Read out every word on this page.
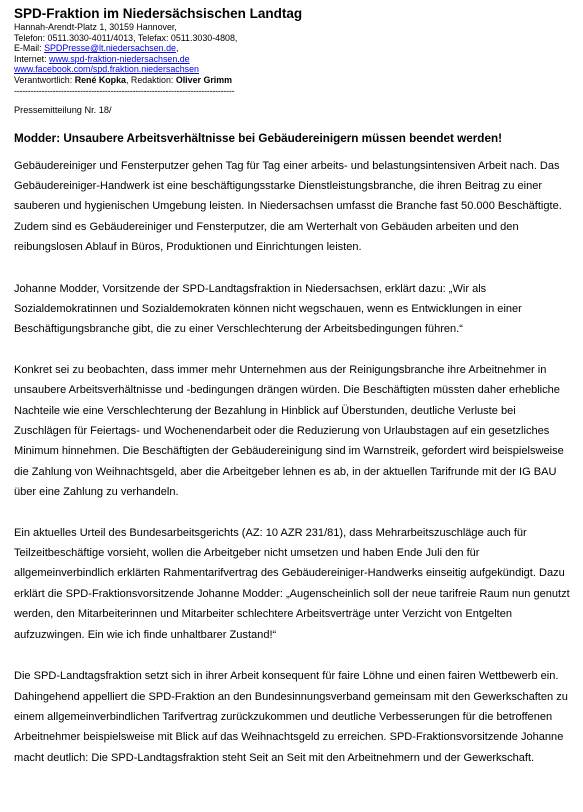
SPD-Fraktion im Niedersächsischen Landtag
Hannah-Arendt-Platz 1, 30159 Hannover,
Telefon: 0511.3030-4011/4013, Telefax: 0511.3030-4808,
E-Mail: SPDPresse@lt.niedersachsen.de,
Internet: www.spd-fraktion-niedersachsen.de
www.facebook.com/spd.fraktion.niedersachsen
Verantwortlich: René Kopka, Redaktion: Oliver Grimm
--------------------------------------------------------------------------------
Pressemitteilung Nr. 18/
Modder: Unsaubere Arbeitsverhältnisse bei Gebäudereinigern müssen beendet werden!

Gebäudereiniger und Fensterputzer gehen Tag für Tag einer arbeits- und belastungsintensiven Arbeit nach. Das Gebäudereiniger-Handwerk ist eine beschäftigungsstarke Dienstleistungsbranche, die ihren Beitrag zu einer sauberen und hygienischen Umgebung leisten. In Niedersachsen umfasst die Branche fast 50.000 Beschäftigte. Zudem sind es Gebäudereiniger und Fensterputzer, die am Werterhalt von Gebäuden arbeiten und den reibungslosen Ablauf in Büros, Produktionen und Einrichtungen leisten.

Johanne Modder, Vorsitzende der SPD-Landtagsfraktion in Niedersachsen, erklärt dazu: „Wir als Sozialdemokratinnen und Sozialdemokraten können nicht wegschauen, wenn es Entwicklungen in einer Beschäftigungsbranche gibt, die zu einer Verschlechterung der Arbeitsbedingungen führen.“

Konkret sei zu beobachten, dass immer mehr Unternehmen aus der Reinigungsbranche ihre Arbeitnehmer in unsaubere Arbeitsverhältnisse und -bedingungen drängen würden. Die Beschäftigten müssten daher erhebliche Nachteile wie eine Verschlechterung der Bezahlung in Hinblick auf Überstunden, deutliche Verluste bei Zuschlägen für Feiertags- und Wochenendarbeit oder die Reduzierung von Urlaubstagen auf ein gesetzliches Minimum hinnehmen. Die Beschäftigten der Gebäudereinigung sind im Warnstreik, gefordert wird beispielsweise die Zahlung von Weihnachtsgeld, aber die Arbeitgeber lehnen es ab, in der aktuellen Tarifrunde mit der IG BAU über eine Zahlung zu verhandeln.

Ein aktuelles Urteil des Bundesarbeitsgerichts (AZ: 10 AZR 231/81), dass Mehrarbeitszuschläge auch für Teilzeitbeschäftige vorsieht, wollen die Arbeitgeber nicht umsetzen und haben Ende Juli den für allgemeinverbindlich erklärten Rahmentarifvertrag des Gebäudereiniger-Handwerks einseitig aufgekündigt. Dazu erklärt die SPD-Fraktionsvorsitzende Johanne Modder: „Augenscheinlich soll der neue tarifreie Raum nun genutzt werden, den Mitarbeiterinnen und Mitarbeiter schlechtere Arbeitsverträge unter Verzicht von Entgelten aufzuzwingen. Ein wie ich finde unhaltbarer Zustand!“

Die SPD-Landtagsfraktion setzt sich in ihrer Arbeit konsequent für faire Löhne und einen fairen Wettbewerb ein. Dahingehend appelliert die SPD-Fraktion an den Bundesinnungsverband gemeinsam mit den Gewerkschaften zu einem allgemeinverbindlichen Tarifvertrag zurückzukommen und deutliche Verbesserungen für die betroffenen Arbeitnehmer beispielsweise mit Blick auf das Weihnachtsgeld zu erreichen. SPD-Fraktionsvorsitzende Johanne macht deutlich: Die SPD-Landtagsfraktion steht Seit an Seit mit den Arbeitnehmern und der Gewerkschaft.
